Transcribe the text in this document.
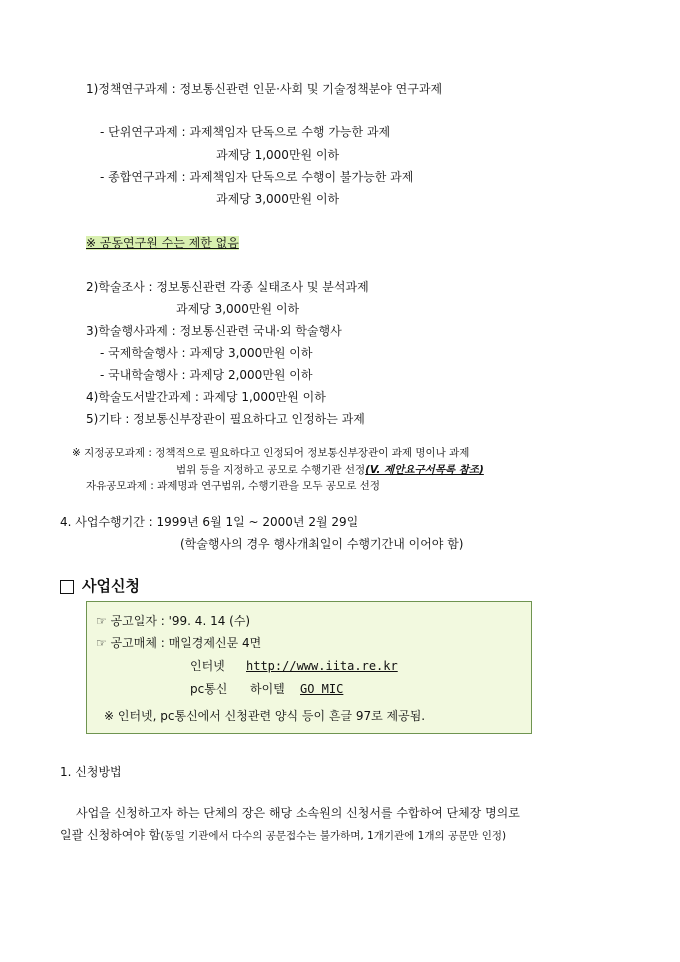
1)정책연구과제 : 정보통신관련 인문·사회 및 기술정책분야 연구과제
- 단위연구과제 : 과제책임자 단독으로 수행 가능한 과제
과제당 1,000만원 이하
- 종합연구과제 : 과제책임자 단독으로 수행이 불가능한 과제
과제당 3,000만원 이하
※ 공동연구원 수는 제한 없음
2)학술조사 : 정보통신관련 각종 실태조사 및 분석과제
과제당 3,000만원 이하
3)학술행사과제 : 정보통신관련 국내·외 학술행사
- 국제학술행사 : 과제당 3,000만원 이하
- 국내학술행사 : 과제당 2,000만원 이하
4)학술도서발간과제 : 과제당 1,000만원 이하
5)기타 : 정보통신부장관이 필요하다고 인정하는 과제
※ 지정공모과제 : 정책적으로 필요하다고 인정되어 정보통신부장관이 과제 명이나 과제
범위 등을 지정하고 공모로 수행기관 선정(V. 제안요구서목록 참조)
자유공모과제 : 과제명과 연구범위, 수행기관을 모두 공모로 선정
4. 사업수행기간 : 1999년 6월 1일 ~ 2000년 2월 29일
(학술행사의 경우 행사개최일이 수행기간내 이어야 함)
사업신청
☞ 공고일자 : '99. 4. 14 (수)
☞ 공고매체 : 매일경제신문 4면
인터넷 http://www.iita.re.kr
pc통신 하이텔 GO MIC
※ 인터넷, pc통신에서 신청관련 양식 등이 흔글 97로 제공됨.
1. 신청방법
사업을 신청하고자 하는 단체의 장은 해당 소속원의 신청서를 수합하여 단체장 명의로
일괄 신청하여야 함(동일 기관에서 다수의 공문접수는 불가하며, 1개기관에 1개의 공문만 인정)
